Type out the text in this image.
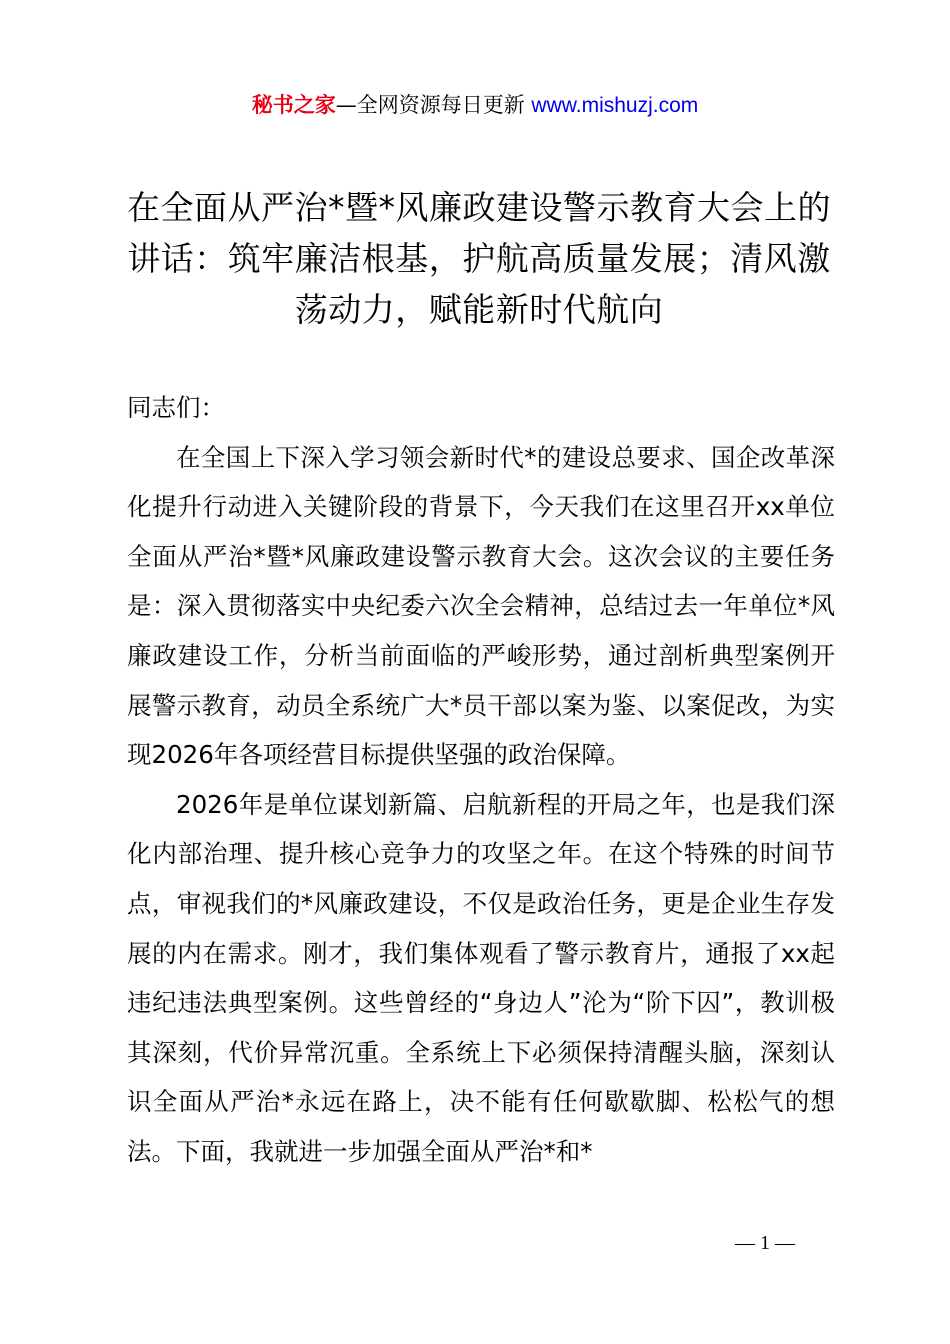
秘书之家—全网资源每日更新 www.mishuzj.com
在全面从严治*暨*风廉政建设警示教育大会上的讲话：筑牢廉洁根基，护航高质量发展；清风激荡动力，赋能新时代航向

同志们：

在全国上下深入学习领会新时代*的建设总要求、国企改革深化提升行动进入关键阶段的背景下，今天我们在这里召开xx单位全面从严治*暨*风廉政建设警示教育大会。这次会议的主要任务是：深入贯彻落实中央纪委六次全会精神，总结过去一年单位*风廉政建设工作，分析当前面临的严峻形势，通过剖析典型案例开展警示教育，动员全系统广大*员干部以案为鉴、以案促改，为实现2026年各项经营目标提供坚强的政治保障。

2026年是单位谋划新篇、启航新程的开局之年，也是我们深化内部治理、提升核心竞争力的攻坚之年。在这个特殊的时间节点，审视我们的*风廉政建设，不仅是政治任务，更是企业生存发展的内在需求。刚才，我们集体观看了警示教育片，通报了xx起违纪违法典型案例。这些曾经的“身边人”沦为“阶下囚”，教训极其深刻，代价异常沉重。全系统上下必须保持清醒头脑，深刻认识全面从严治*永远在路上，决不能有任何歇歇脚、松松气的想法。下面，我就进一步加强全面从严治*和*

— 1 —
